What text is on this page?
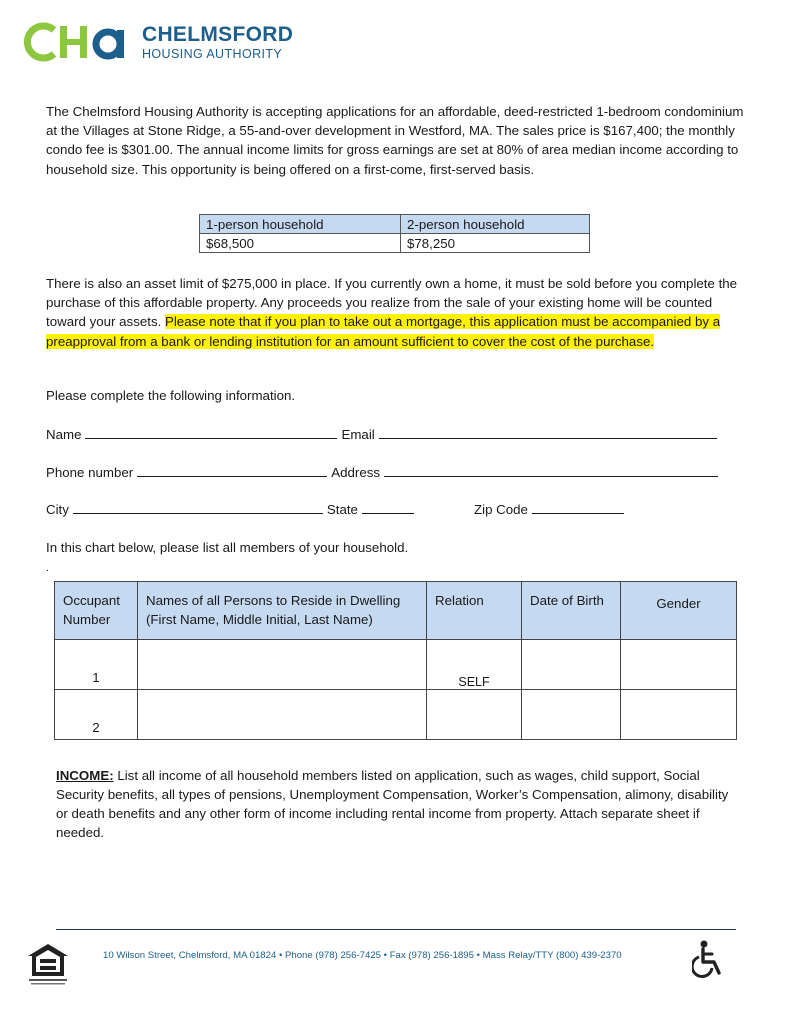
CHELMSFORD
HOUSING AUTHORITY

The Chelmsford Housing Authority is accepting applications for an affordable, deed-restricted 1-bedroom condominium at the Villages at Stone Ridge, a 55-and-over development in Westford, MA. The sales price is $167,400; the monthly condo fee is $301.00. The annual income limits for gross earnings are set at 80% of area median income according to household size. This opportunity is being offered on a first-come, first-served basis.

1-person household	2-person household
$68,500	$78,250

There is also an asset limit of $275,000 in place. If you currently own a home, it must be sold before you complete the purchase of this affordable property. Any proceeds you realize from the sale of your existing home will be counted toward your assets. Please note that if you plan to take out a mortgage, this application must be accompanied by a preapproval from a bank or lending institution for an amount sufficient to cover the cost of the purchase.

Please complete the following information.
Name	Email
Phone number	Address
City	State	Zip Code
In this chart below, please list all members of your household.
.
Occupant Number	Names of all Persons to Reside in Dwelling (First Name, Middle Initial, Last Name)	Relation	Date of Birth	Gender

1		SELF		

2				

INCOME: List all income of all household members listed on application, such as wages, child support, Social Security benefits, all types of pensions, Unemployment Compensation, Worker’s Compensation, alimony, disability or death benefits and any other form of income including rental income from property. Attach separate sheet if needed.

10 Wilson Street, Chelmsford, MA 01824 • Phone (978) 256-7425 • Fax (978) 256-1895 • Mass Relay/TTY (800) 439-2370
